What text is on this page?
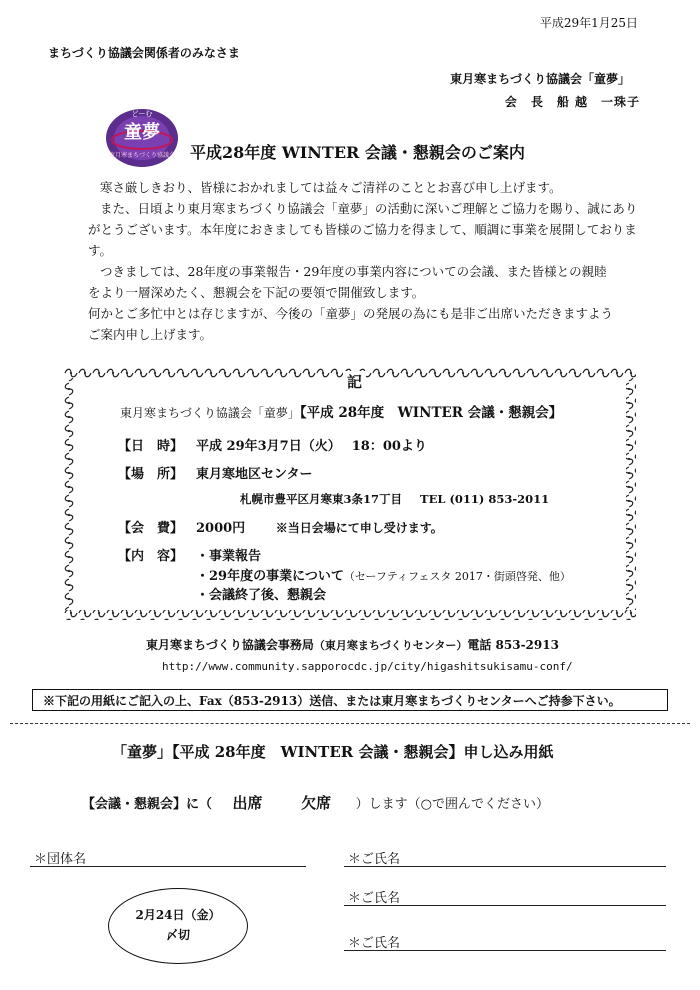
平成29年1月25日
まちづくり協議会関係者のみなさま
東月寒まちづくり協議会「童夢」
会　長　船 越　一珠子
どーむ
童夢
東月寒まちづくり協議会 平成28年度 WINTER 会議・懇親会のご案内

寒さ厳しきおり、皆様におかれましては益々ご清祥のこととお喜び申し上げます。

また、日頃より東月寒まちづくり協議会「童夢」の活動に深いご理解とご協力を賜り、誠にあり

がとうございます。本年度におきましても皆様のご協力を得まして、順調に事業を展開しておりま

す。

つきましては、28年度の事業報告・29年度の事業内容についての会議、また皆様との親睦

をより一層深めたく、懇親会を下記の要領で開催致します。

何かとご多忙中とは存じますが、今後の「童夢」の発展の為にも是非ご出席いただきますよう

ご案内申し上げます。

記
東月寒まちづくり協議会「童夢」【平成 28年度　WINTER 会議・懇親会】
【日　時】 平成 29年3月7日（火）　 18：00より
【場　所】 東月寒地区センター
札幌市豊平区月寒東3条17丁目 TEL (011) 853-2011
【会　費】 2000円	※当日会場にて申し受けます。
【内　容】 ・事業報告
・29年度の事業について（セーフティフェスタ 2017・街頭啓発、他）
・会議終了後、懇親会
東月寒まちづくり協議会事務局（東月寒まちづくりセンター）電話 853-2913
http://www.community.sapporocdc.jp/city/higashitsukisamu-conf/
※下記の用紙にご記入の上、Fax（853-2913）送信、または東月寒まちづくりセンターへご持参下さい。
「童夢」【平成 28年度　WINTER 会議・懇親会】申し込み用紙
【会議・懇親会】に（ 出席	欠席 ）します（○で囲んでください）
＊団体名	＊ご氏名
＊ご氏名
＊ご氏名
2月24日（金）
〆切
